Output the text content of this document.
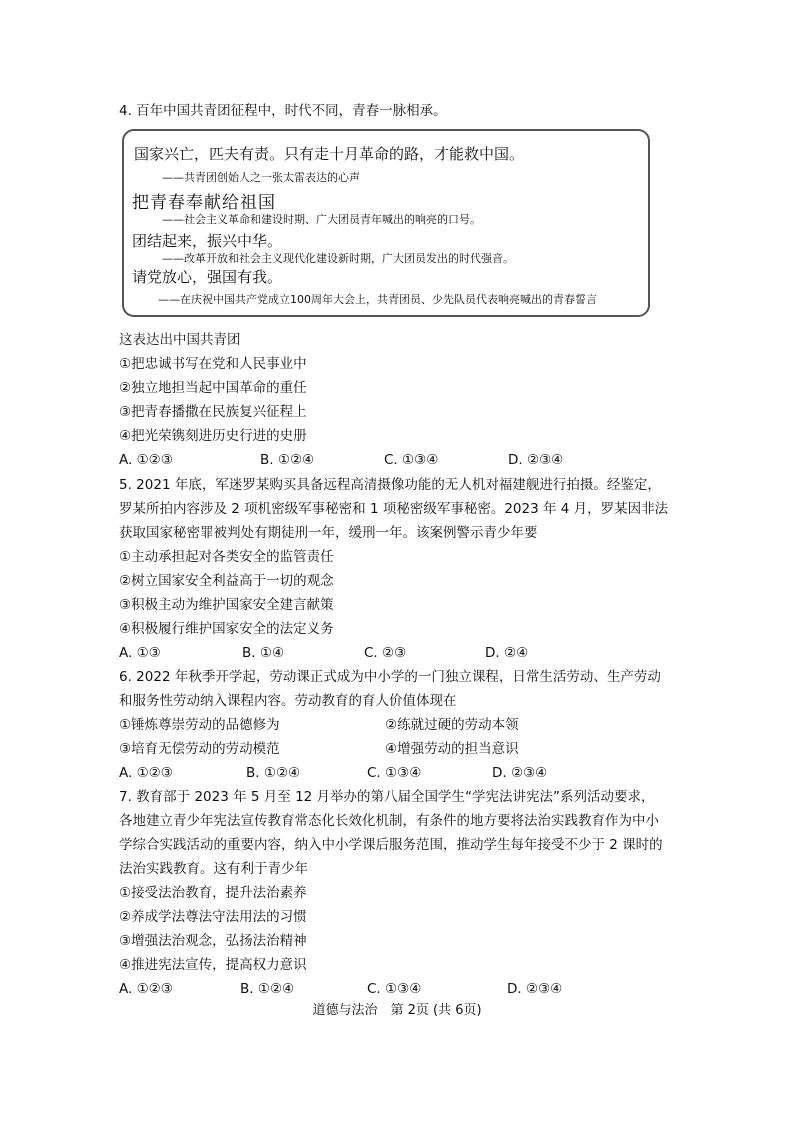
4. 百年中国共青团征程中，时代不同，青春一脉相承。
国家兴亡，匹夫有责。只有走十月革命的路，才能救中国。
——共青团创始人之一张太雷表达的心声
把青春奉献给祖国
——社会主义革命和建设时期、广大团员青年喊出的响亮的口号。
团结起来，振兴中华。
——改革开放和社会主义现代化建设新时期，广大团员发出的时代强音。
请党放心，强国有我。
——在庆祝中国共产党成立100周年大会上，共青团员、少先队员代表响亮喊出的青春誓言
这表达出中国共青团
①把忠诚书写在党和人民事业中
②独立地担当起中国革命的重任
③把青春播撒在民族复兴征程上
④把光荣镌刻进历史行进的史册
A. ①②③	B. ①②④	C. ①③④	D. ②③④
5. 2021 年底，军迷罗某购买具备远程高清摄像功能的无人机对福建舰进行拍摄。经鉴定，
罗某所拍内容涉及 2 项机密级军事秘密和 1 项秘密级军事秘密。2023 年 4 月，罗某因非法
获取国家秘密罪被判处有期徒刑一年，缓刑一年。该案例警示青少年要
①主动承担起对各类安全的监管责任
②树立国家安全利益高于一切的观念
③积极主动为维护国家安全建言献策
④积极履行维护国家安全的法定义务
A. ①③	B. ①④	C. ②③	D. ②④
6. 2022 年秋季开学起，劳动课正式成为中小学的一门独立课程，日常生活劳动、生产劳动
和服务性劳动纳入课程内容。劳动教育的育人价值体现在
①锤炼尊崇劳动的品德修为	②练就过硬的劳动本领
③培育无偿劳动的劳动模范	④增强劳动的担当意识
A. ①②③	B. ①②④	C. ①③④	D. ②③④
7. 教育部于 2023 年 5 月至 12 月举办的第八届全国学生“学宪法讲宪法”系列活动要求，
各地建立青少年宪法宣传教育常态化长效化机制，有条件的地方要将法治实践教育作为中小
学综合实践活动的重要内容，纳入中小学课后服务范围，推动学生每年接受不少于 2 课时的
法治实践教育。这有利于青少年
①接受法治教育，提升法治素养
②养成学法尊法守法用法的习惯
③增强法治观念，弘扬法治精神
④推进宪法宣传，提高权力意识
A. ①②③	B. ①②④	C. ①③④	D. ②③④
道德与法治　第 2页 (共 6页)
